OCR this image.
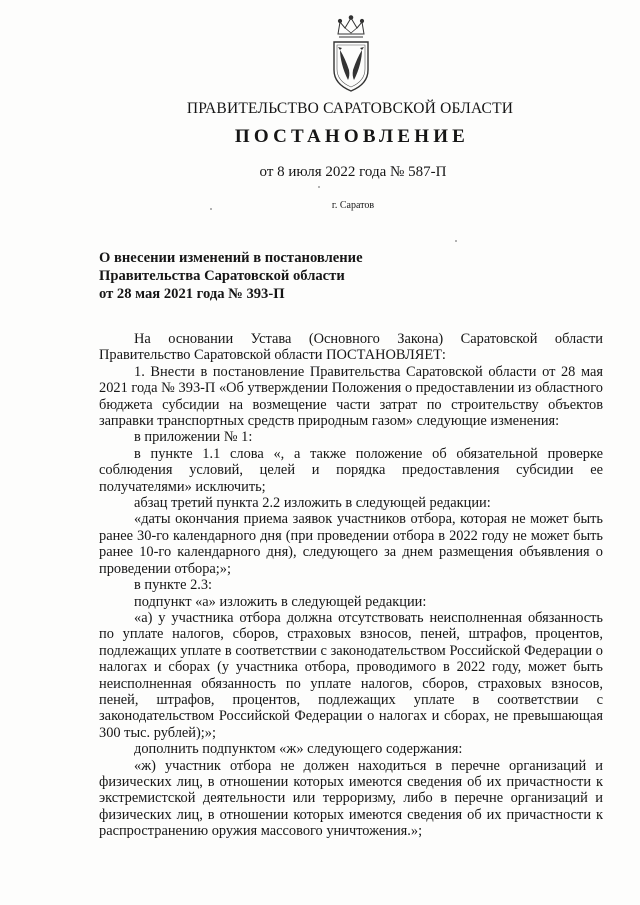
ПРАВИТЕЛЬСТВО САРАТОВСКОЙ ОБЛАСТИ
ПОСТАНОВЛЕНИЕ
от 8 июля 2022 года № 587-П
г. Саратов
О внесении изменений в постановление
Правительства Саратовской области
от 28 мая 2021 года № 393-П

На основании Устава (Основного Закона) Саратовской области Правительство Саратовской области ПОСТАНОВЛЯЕТ:

1. Внести в постановление Правительства Саратовской области от 28 мая 2021 года № 393-П «Об утверждении Положения о предоставлении из областного бюджета субсидии на возмещение части затрат по строительству объектов заправки транспортных средств природным газом» следующие изменения:

в приложении № 1:

в пункте 1.1 слова «, а также положение об обязательной проверке соблюдения условий, целей и порядка предоставления субсидии ее получателями» исключить;

абзац третий пункта 2.2 изложить в следующей редакции:

«даты окончания приема заявок участников отбора, которая не может быть ранее 30-го календарного дня (при проведении отбора в 2022 году не может быть ранее 10-го календарного дня), следующего за днем размещения объявления о проведении отбора;»;

в пункте 2.3:

подпункт «а» изложить в следующей редакции:

«а) у участника отбора должна отсутствовать неисполненная обязанность по уплате налогов, сборов, страховых взносов, пеней, штрафов, процентов, подлежащих уплате в соответствии с законодательством Российской Федерации о налогах и сборах (у участника отбора, проводимого в 2022 году, может быть неисполненная обязанность по уплате налогов, сборов, страховых взносов, пеней, штрафов, процентов, подлежащих уплате в соответствии с законодательством Российской Федерации о налогах и сборах, не превышающая 300 тыс. рублей);»;

дополнить подпунктом «ж» следующего содержания:

«ж) участник отбора не должен находиться в перечне организаций и физических лиц, в отношении которых имеются сведения об их причастности к экстремистской деятельности или терроризму, либо в перечне организаций и физических лиц, в отношении которых имеются сведения об их причастности к распространению оружия массового уничтожения.»;
